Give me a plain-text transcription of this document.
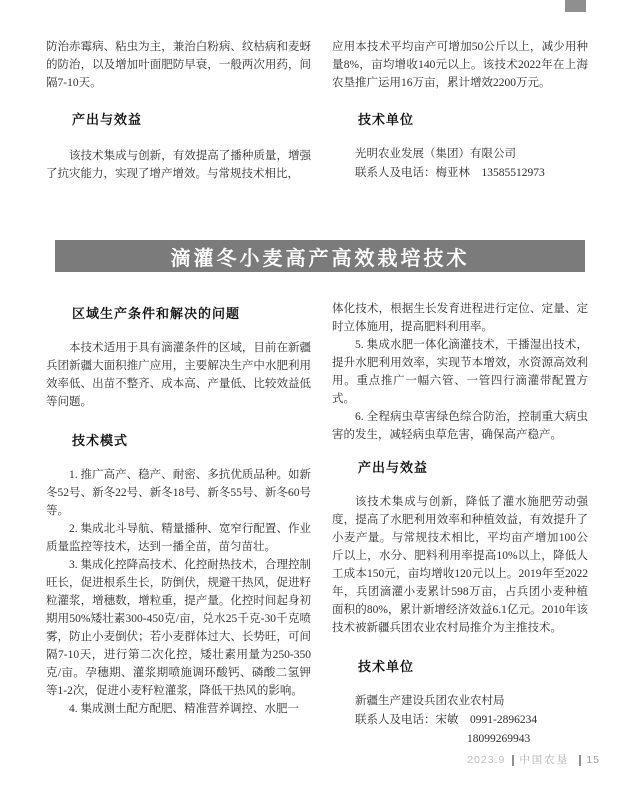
防治赤霉病、粘虫为主，兼治白粉病、纹枯病和麦蚜的防治，以及增加叶面肥防早衰，一般两次用药，间隔7-10天。

产出与效益

该技术集成与创新，有效提高了播种质量，增强了抗灾能力，实现了增产增效。与常规技术相比，

应用本技术平均亩产可增加50公斤以上，减少用种量8%，亩均增收140元以上。该技术2022年在上海农垦推广运用16万亩，累计增效2200万元。

技术单位

光明农业发展（集团）有限公司

联系人及电话：梅亚林　13585512973

滴灌冬小麦高产高效栽培技术
区域生产条件和解决的问题

本技术适用于具有滴灌条件的区域，目前在新疆兵团新疆大面积推广应用，主要解决生产中水肥利用效率低、出苗不整齐、成本高、产量低、比较效益低等问题。

技术模式

1. 推广高产、稳产、耐密、多抗优质品种。如新冬52号、新冬22号、新冬18号、新冬55号、新冬60号等。

2. 集成北斗导航、精量播种、宽窄行配置、作业质量监控等技术，达到一播全苗，苗匀苗壮。

3. 集成化控降高技术、化控耐热技术，合理控制旺长，促进根系生长，防倒伏，规避干热风，促进籽粒灌浆，增穗数，增粒重，提产量。化控时间起身初期用50%矮壮素300-450克/亩，兑水25千克-30千克喷雾，防止小麦倒伏；若小麦群体过大、长势旺，可间隔7-10天，进行第二次化控，矮壮素用量为250-350克/亩。孕穗期、灌浆期喷施调环酸钙、磷酸二氢钾等1-2次，促进小麦籽粒灌浆，降低干热风的影响。

4. 集成测土配方配肥、精准营养调控、水肥一

体化技术，根据生长发育进程进行定位、定量、定时立体施用，提高肥料利用率。

5. 集成水肥一体化滴灌技术，干播湿出技术，提升水肥利用效率，实现节本增效，水资源高效利用。重点推广一幅六管、一管四行滴灌带配置方式。

6. 全程病虫草害绿色综合防治，控制重大病虫害的发生，减轻病虫草危害，确保高产稳产。

产出与效益

该技术集成与创新，降低了灌水施肥劳动强度，提高了水肥利用效率和种植效益，有效提升了小麦产量。与常规技术相比，平均亩产增加100公斤以上，水分、肥料利用率提高10%以上，降低人工成本150元，亩均增收120元以上。2019年至2022年，兵团滴灌小麦累计598万亩，占兵团小麦种植面积的80%，累计新增经济效益6.1亿元。2010年该技术被新疆兵团农业农村局推介为主推技术。

技术单位

新疆生产建设兵团农业农村局

联系人及电话：宋敏　0991-2896234

18099269943

2023.9 中国农垦 15
